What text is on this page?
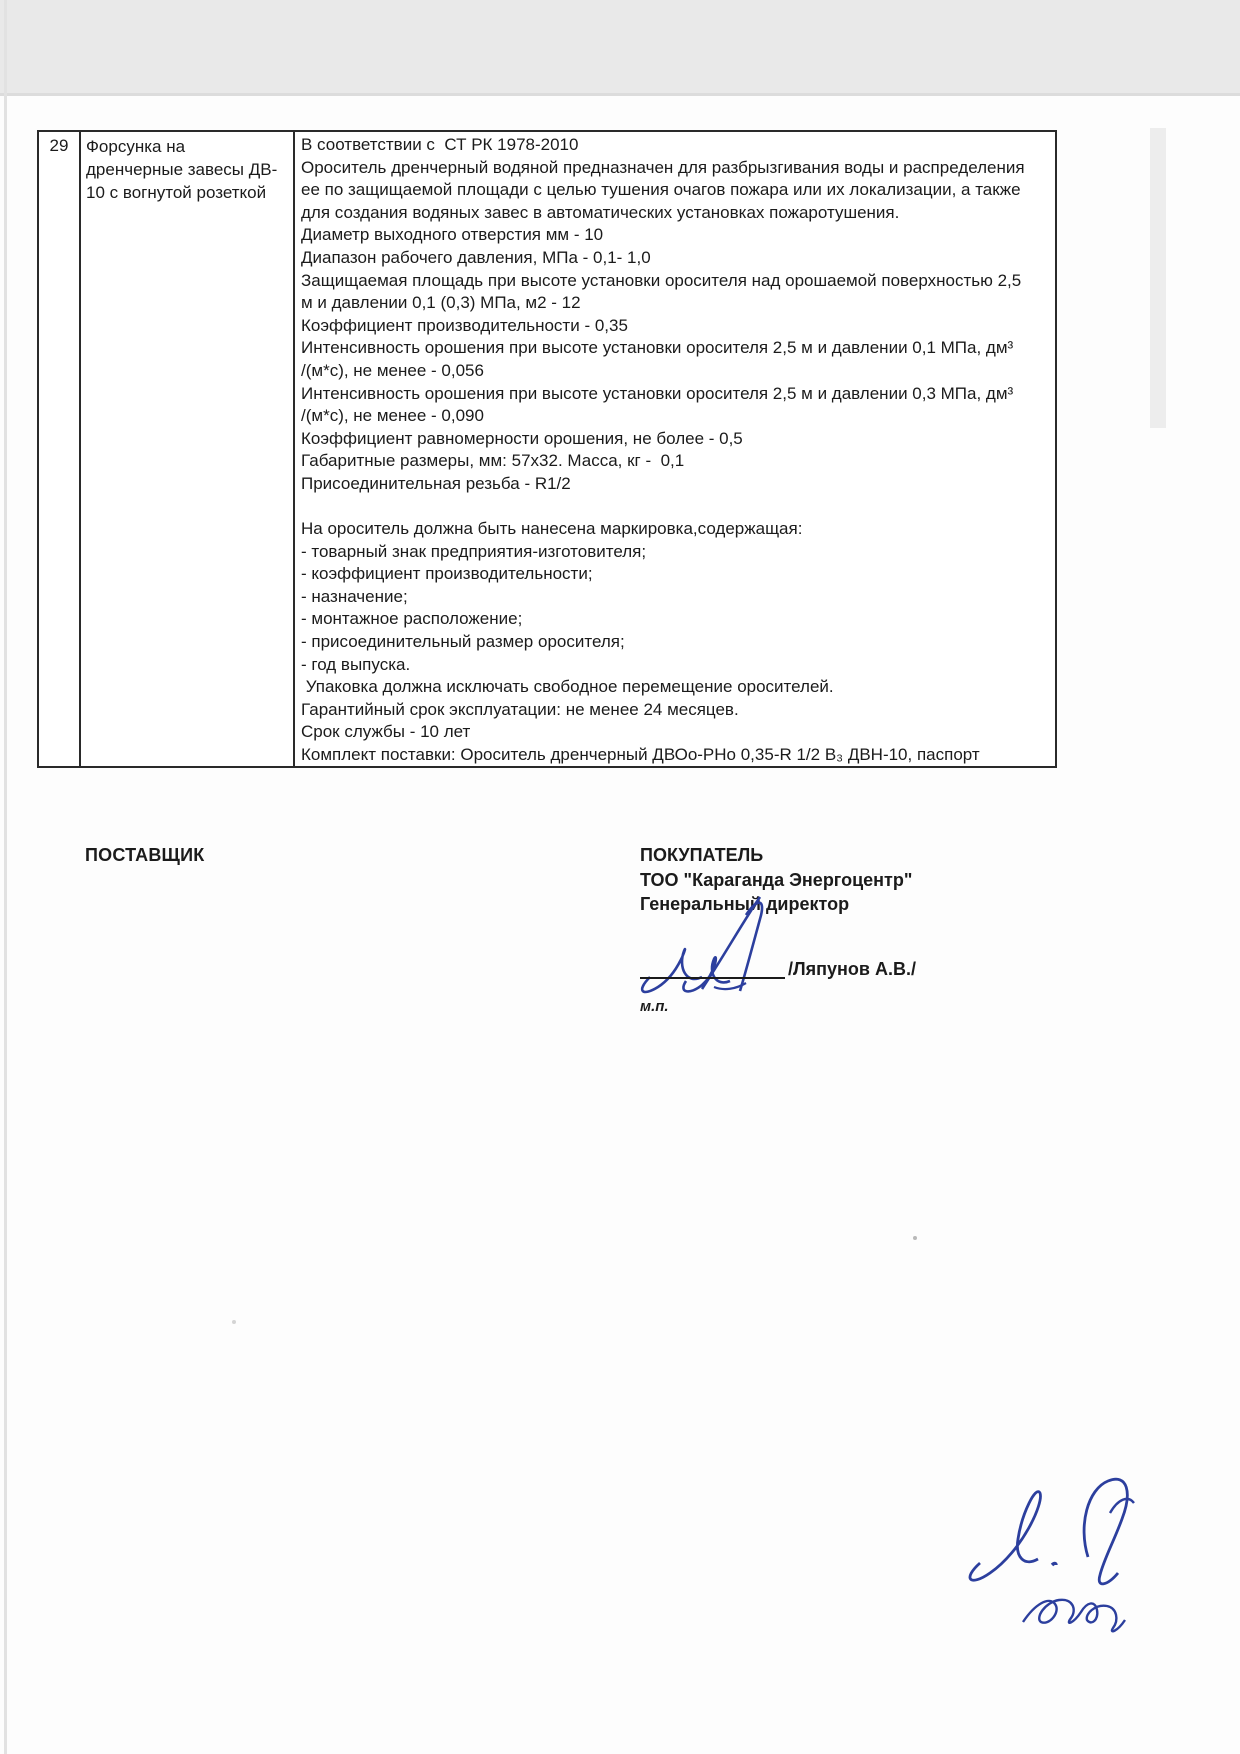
29	Форсунка на
дренчерные завесы ДВ-
10 с вогнутой розеткой
В соответствии с  СТ РК 1978-2010
Ороситель дренчерный водяной предназначен для разбрызгивания воды и распределения
ее по защищаемой площади с целью тушения очагов пожара или их локализации, а также
для создания водяных завес в автоматических установках пожаротушения.
Диаметр выходного отверстия мм - 10
Диапазон рабочего давления, МПа - 0,1- 1,0
Защищаемая площадь при высоте установки оросителя над орошаемой поверхностью 2,5
м и давлении 0,1 (0,3) МПа, м2 - 12
Коэффициент производительности - 0,35
Интенсивность орошения при высоте установки оросителя 2,5 м и давлении 0,1 МПа, дм³
/(м*с), не менее - 0,056
Интенсивность орошения при высоте установки оросителя 2,5 м и давлении 0,3 МПа, дм³
/(м*с), не менее - 0,090
Коэффициент равномерности орошения, не более - 0,5
Габаритные размеры, мм: 57х32. Масса, кг -  0,1
Присоединительная резьба - R1/2
На ороситель должна быть нанесена маркировка,содержащая:
- товарный знак предприятия-изготовителя;
- коэффициент производительности;
- назначение;
- монтажное расположение;
- присоединительный размер оросителя;
- год выпуска.
Упаковка должна исключать свободное перемещение оросителей.
Гарантийный срок эксплуатации: не менее 24 месяцев.
Срок службы - 10 лет
Комплект поставки: Ороситель дренчерный ДВОо-РНо 0,35-R 1/2 В₃ ДВН-10, паспорт
ПОСТАВЩИК	ПОКУПАТЕЛЬ
ТОО "Караганда Энергоцентр"
Генеральный директор
/Ляпунов А.В./
м.п.
